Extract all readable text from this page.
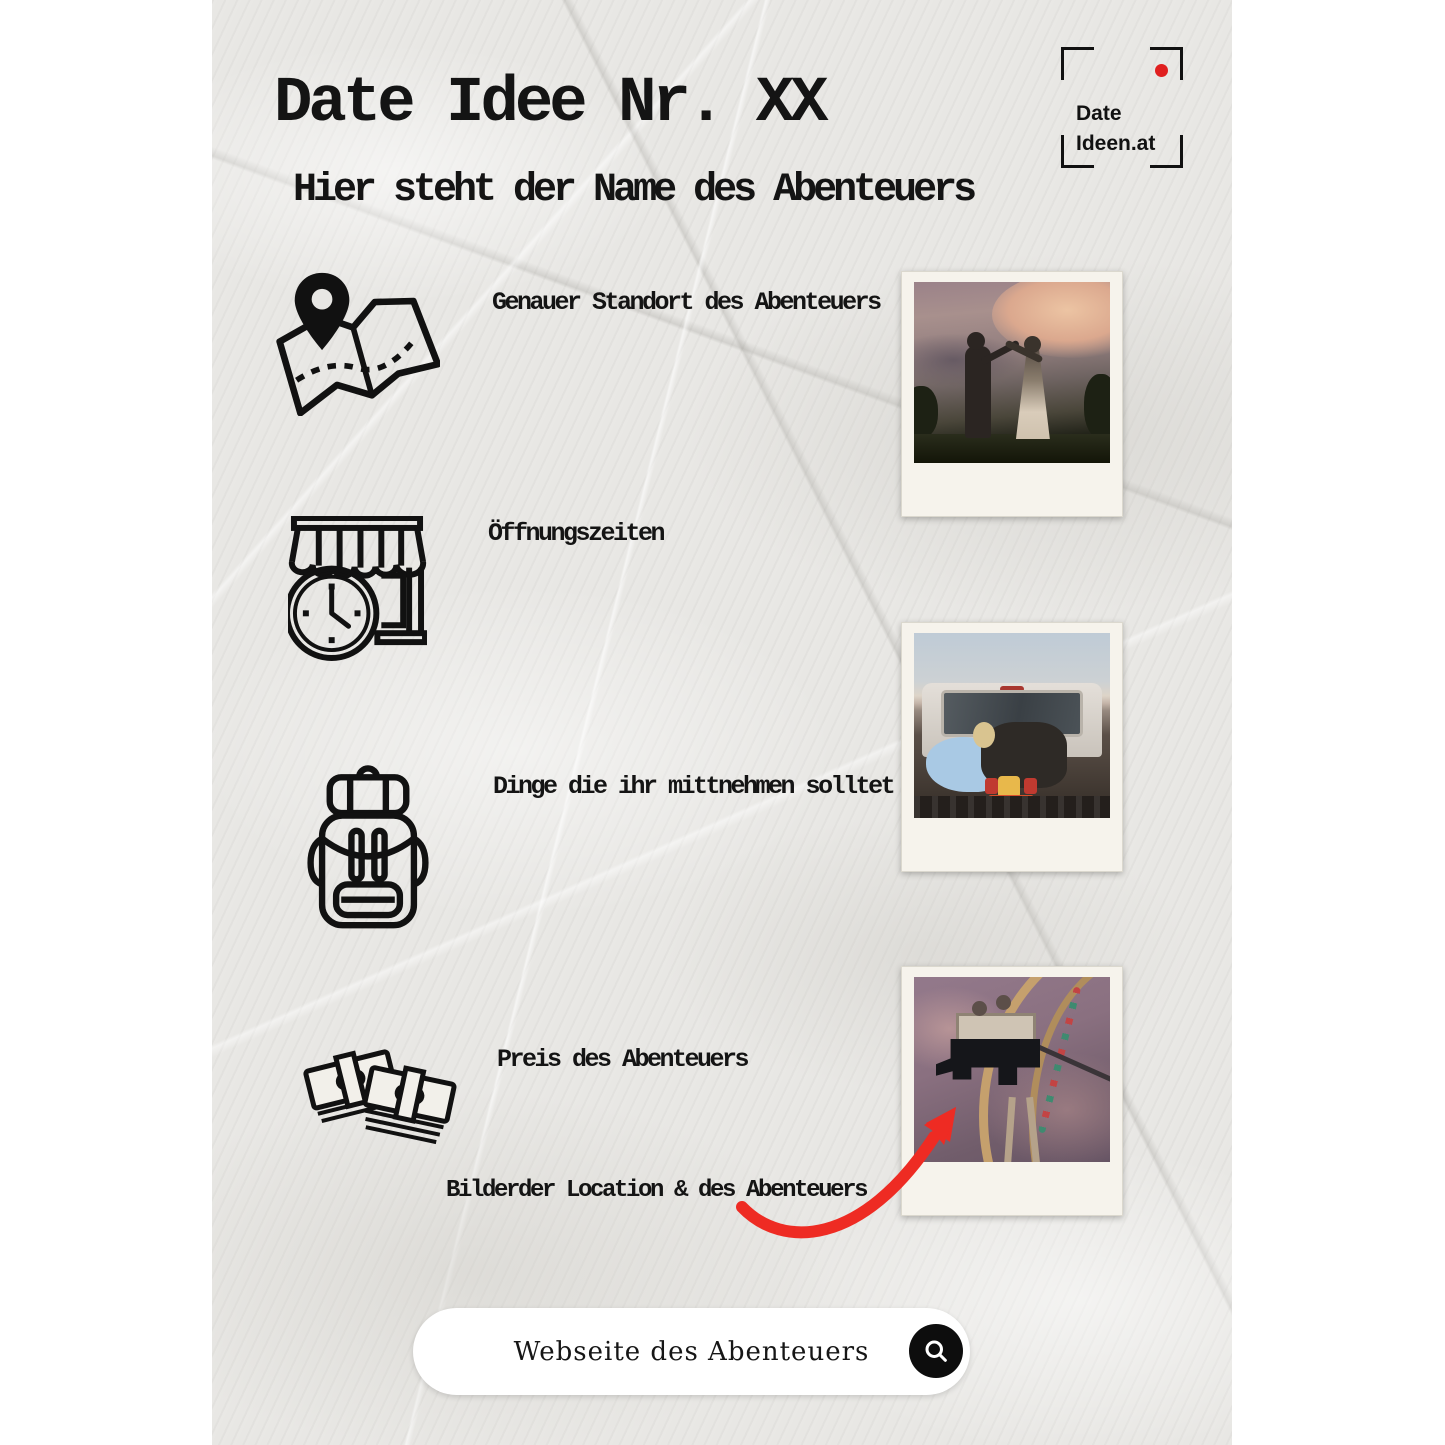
Date Idee Nr. XX
Hier steht der Name des Abenteuers
Date
Ideen.at
Genauer Standort des Abenteuers
Öffnungszeiten
Dinge die ihr mittnehmen solltet
Preis des Abenteuers
Bilderder Location & des Abenteuers
Webseite des Abenteuers
